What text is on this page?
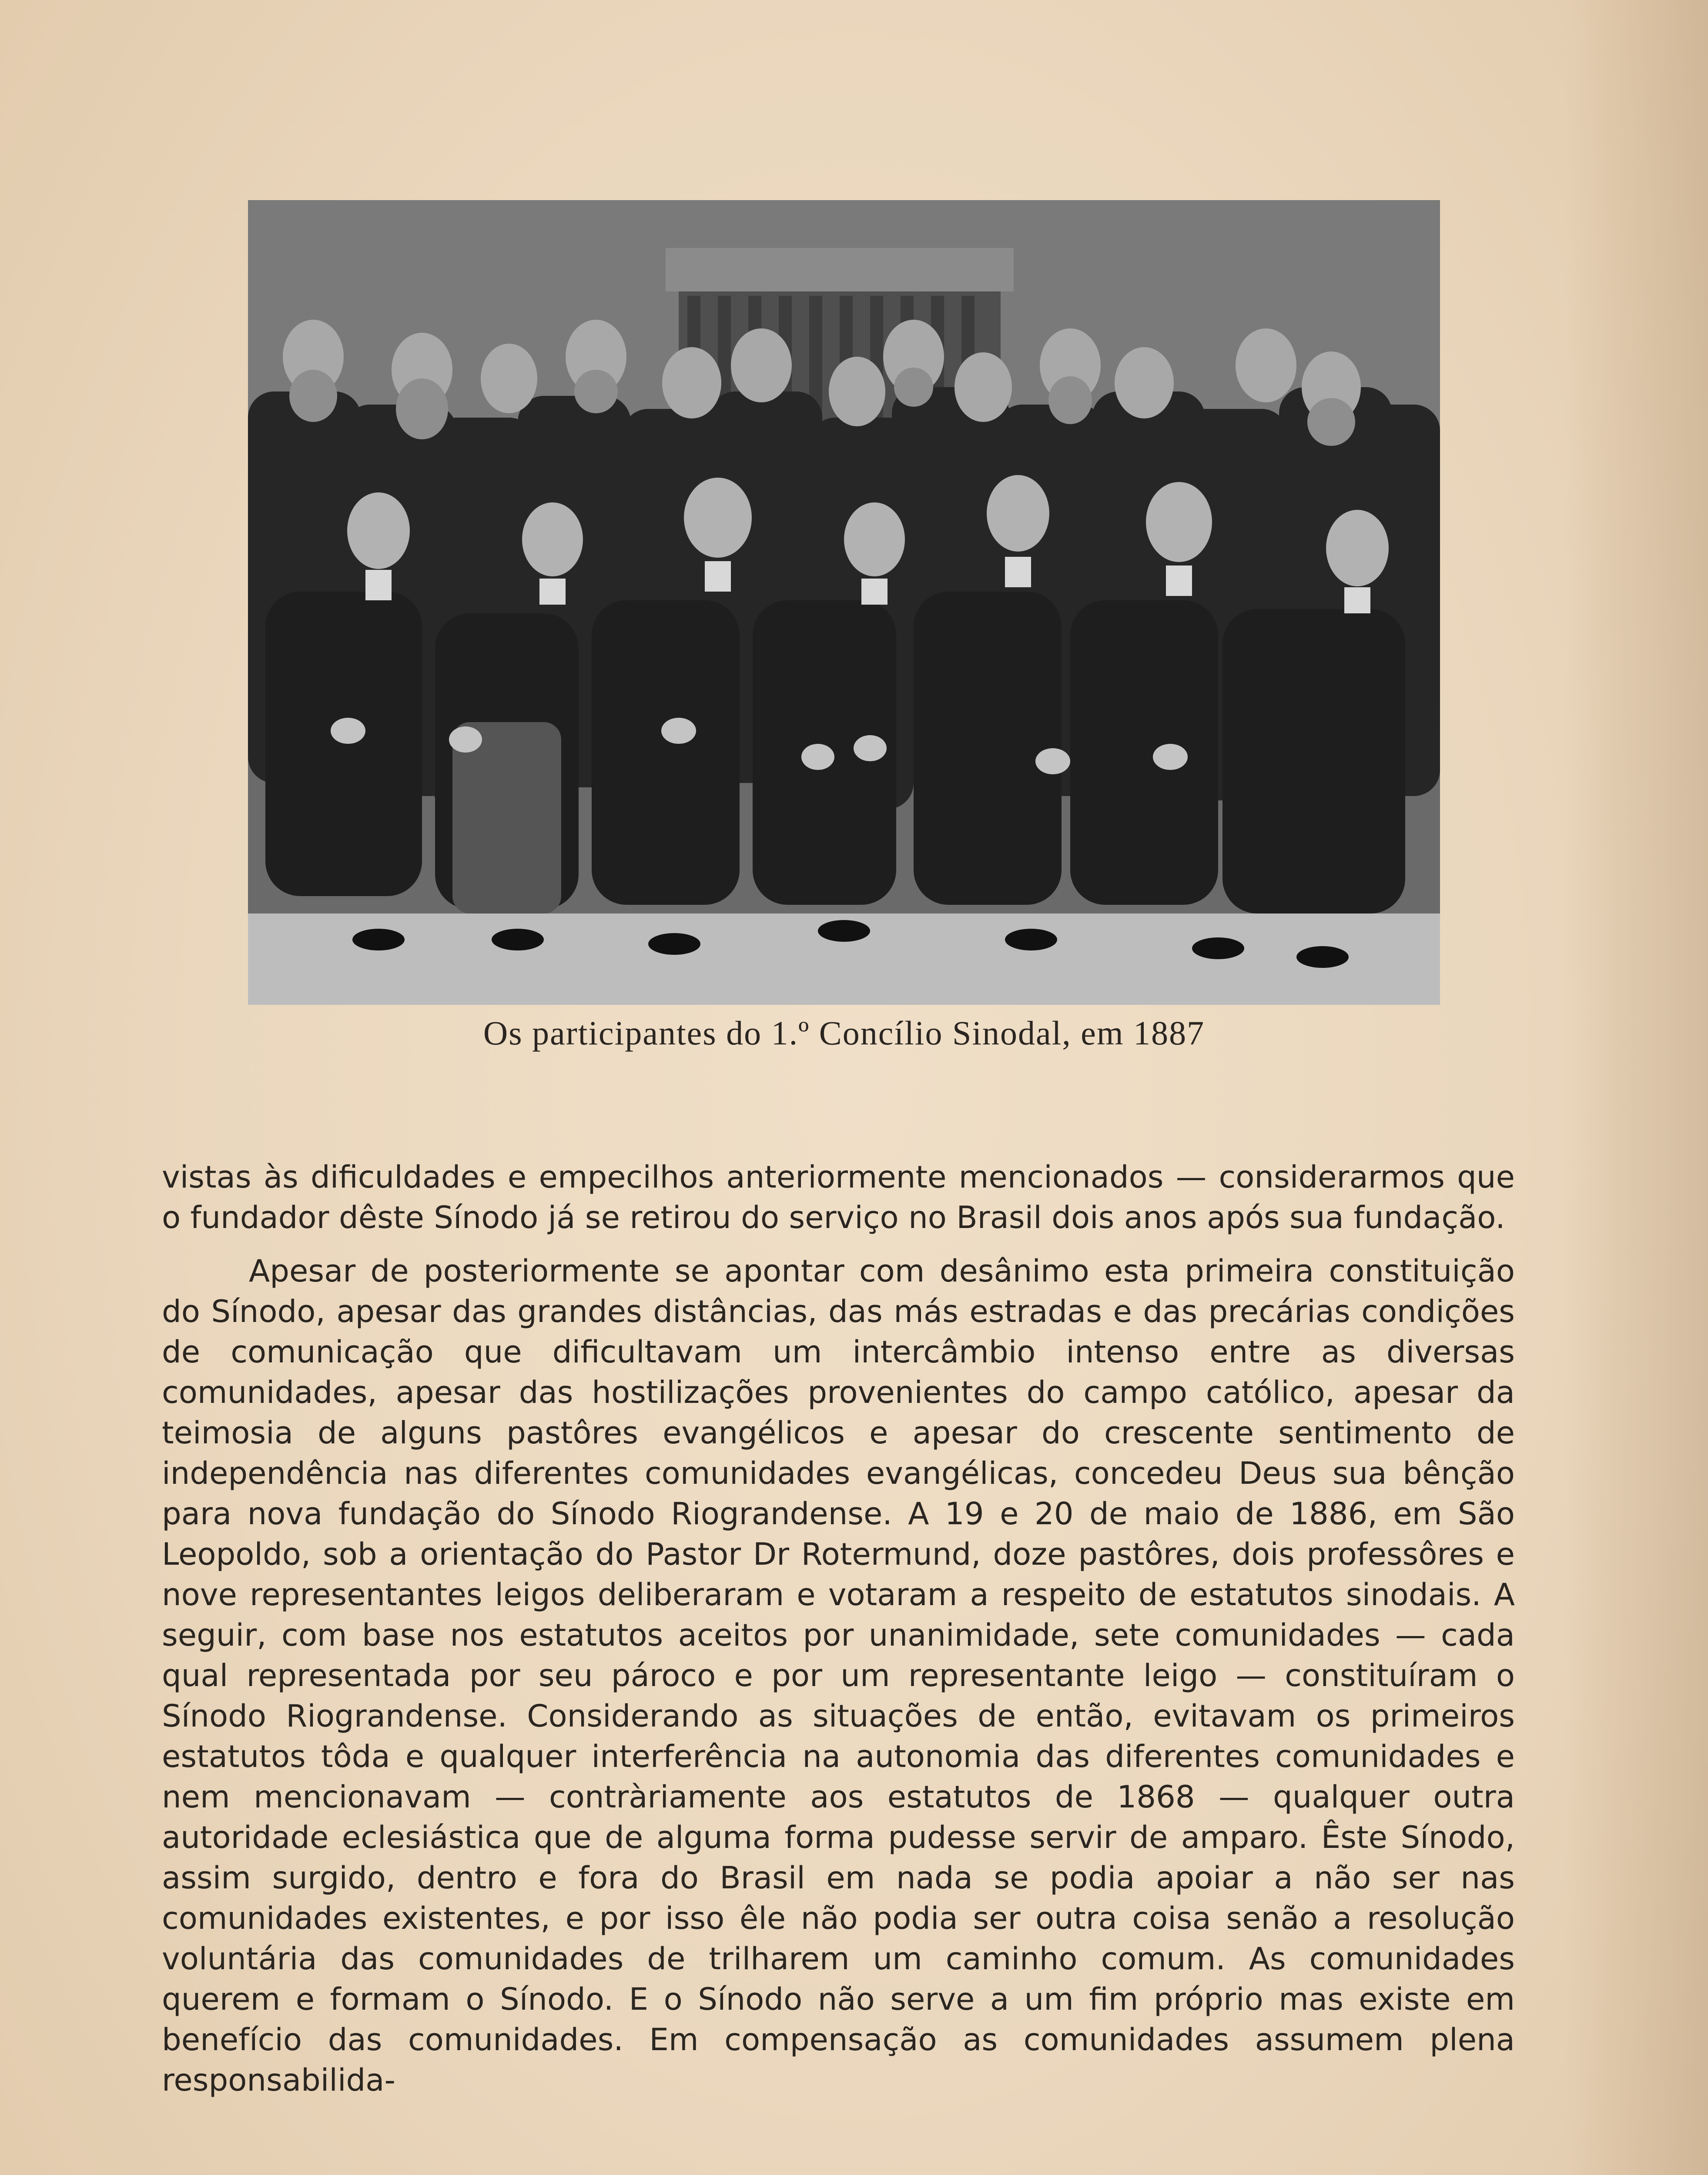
Os participantes do 1.º Concílio Sinodal, em 1887

vistas às dificuldades e empecilhos anteriormente mencionados — considerarmos que o fundador dêste Sínodo já se retirou do serviço no Brasil dois anos após sua fundação.

Apesar de posteriormente se apontar com desânimo esta primeira constituição do Sínodo, apesar das grandes distâncias, das más estradas e das precárias condições de comunicação que dificultavam um intercâmbio intenso entre as diversas comunidades, apesar das hostilizações provenientes do campo católico, apesar da teimosia de alguns pastôres evangélicos e apesar do crescente sentimento de independência nas diferentes comunidades evangélicas, concedeu Deus sua bênção para nova fundação do Sínodo Riograndense. A 19 e 20 de maio de 1886, em São Leopoldo, sob a orientação do Pastor Dr Rotermund, doze pastôres, dois professôres e nove representantes leigos deliberaram e votaram a respeito de estatutos sinodais. A seguir, com base nos estatutos aceitos por unanimidade, sete comunidades — cada qual representada por seu pároco e por um representante leigo — constituíram o Sínodo Riograndense. Considerando as situações de então, evitavam os primeiros estatutos tôda e qualquer interferência na autonomia das diferentes comunidades e nem mencionavam — contràriamente aos estatutos de 1868 — qualquer outra autoridade eclesiástica que de alguma forma pudesse servir de amparo. Êste Sínodo, assim surgido, dentro e fora do Brasil em nada se podia apoiar a não ser nas comunidades existentes, e por isso êle não podia ser outra coisa senão a resolução voluntária das comunidades de trilharem um caminho comum. As comunidades querem e formam o Sínodo. E o Sínodo não serve a um fim próprio mas existe em benefício das comunidades. Em compensação as comunidades assumem plena responsabilida-
